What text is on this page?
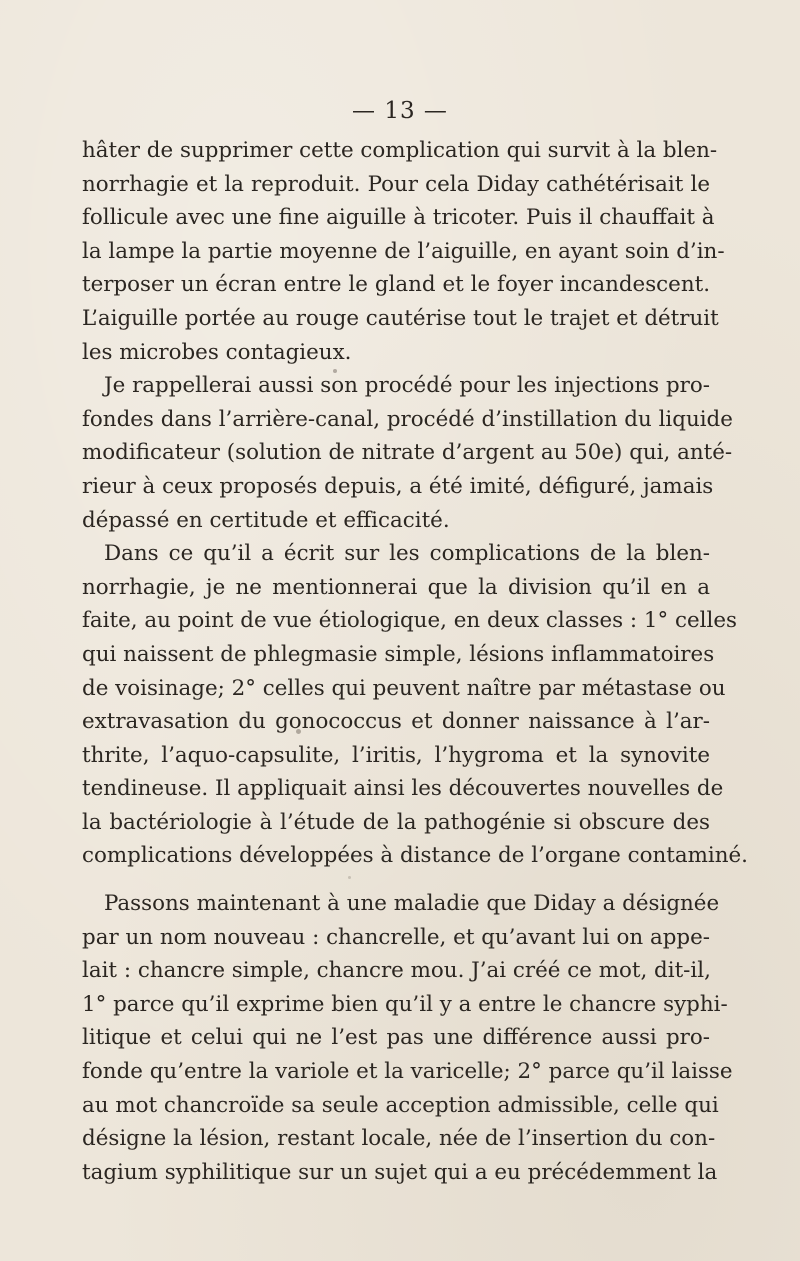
— 13 —
hâter de supprimer cette complication qui survit à la blen-
norrhagie et la reproduit. Pour cela Diday cathétérisait le
follicule avec une fine aiguille à tricoter. Puis il chauffait à
la lampe la partie moyenne de l’aiguille, en ayant soin d’in-
terposer un écran entre le gland et le foyer incandescent.
L’aiguille portée au rouge cautérise tout le trajet et détruit
les microbes contagieux.
Je rappellerai aussi son procédé pour les injections pro-
fondes dans l’arrière-canal, procédé d’instillation du liquide
modificateur (solution de nitrate d’argent au 50e) qui, anté-
rieur à ceux proposés depuis, a été imité, défiguré, jamais
dépassé en certitude et efficacité.
Dans ce qu’il a écrit sur les complications de la blen-
norrhagie, je ne mentionnerai que la division qu’il en a
faite, au point de vue étiologique, en deux classes : 1° celles
qui naissent de phlegmasie simple, lésions inflammatoires
de voisinage; 2° celles qui peuvent naître par métastase ou
extravasation du gonococcus et donner naissance à l’ar-
thrite, l’aquo-capsulite, l’iritis, l’hygroma et la synovite
tendineuse. Il appliquait ainsi les découvertes nouvelles de
la bactériologie à l’étude de la pathogénie si obscure des
complications développées à distance de l’organe contaminé.
Passons maintenant à une maladie que Diday a désignée
par un nom nouveau : chancrelle, et qu’avant lui on appe-
lait : chancre simple, chancre mou. J’ai créé ce mot, dit-il,
1° parce qu’il exprime bien qu’il y a entre le chancre syphi-
litique et celui qui ne l’est pas une différence aussi pro-
fonde qu’entre la variole et la varicelle; 2° parce qu’il laisse
au mot chancroïde sa seule acception admissible, celle qui
désigne la lésion, restant locale, née de l’insertion du con-
tagium syphilitique sur un sujet qui a eu précédemment la
